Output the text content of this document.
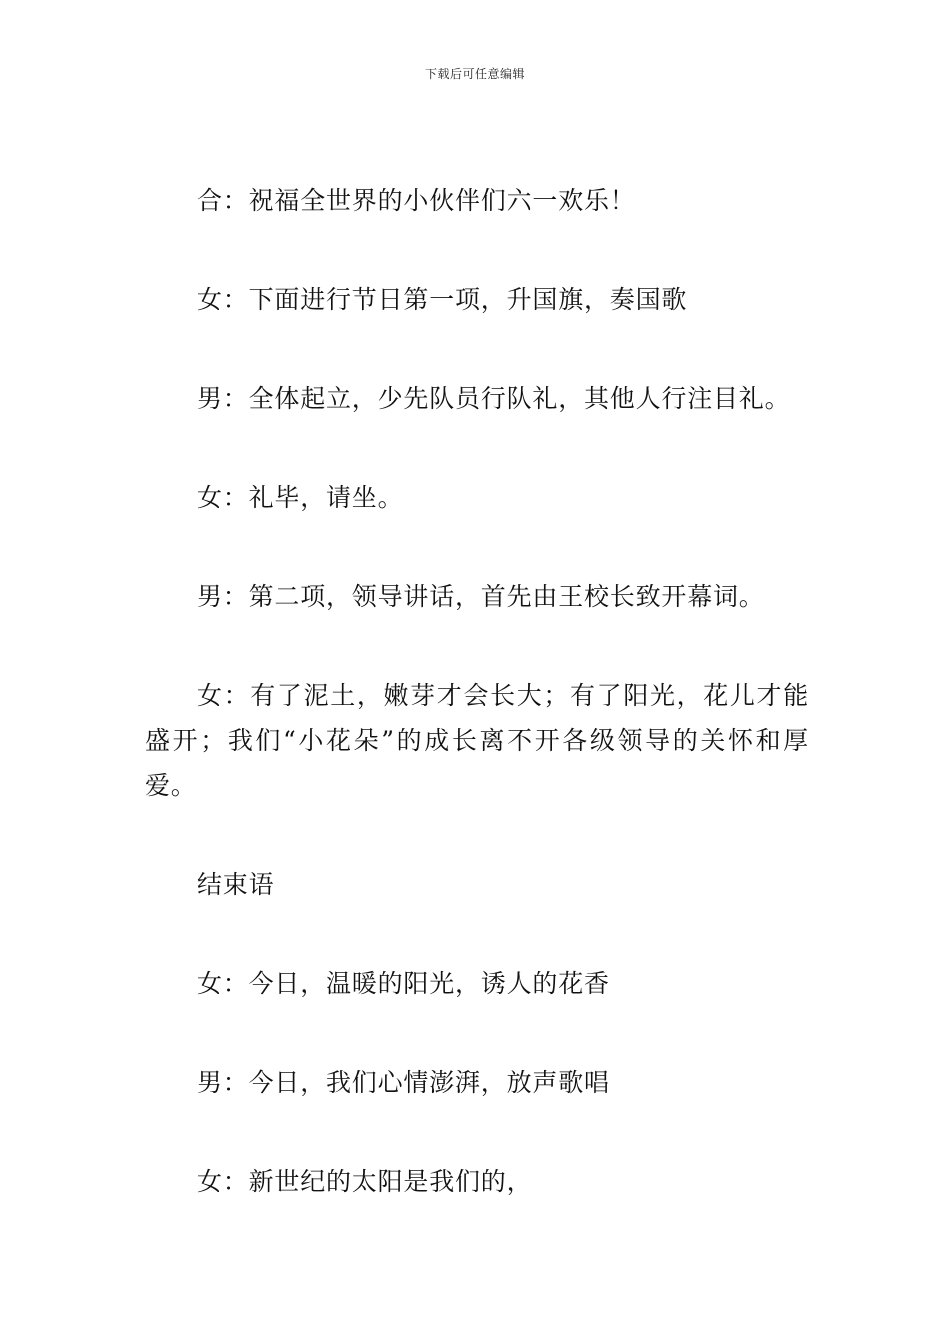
下载后可任意编辑

合：祝福全世界的小伙伴们六一欢乐！

女：下面进行节日第一项，升国旗，奏国歌

男：全体起立，少先队员行队礼，其他人行注目礼。

女：礼毕，请坐。

男：第二项，领导讲话，首先由王校长致开幕词。

女：有了泥土，嫩芽才会长大；有了阳光，花儿才能盛开；我们“小花朵”的成长离不开各级领导的关怀和厚爱。

结束语

女：今日，温暖的阳光，诱人的花香

男：今日，我们心情澎湃，放声歌唱

女：新世纪的太阳是我们的，
